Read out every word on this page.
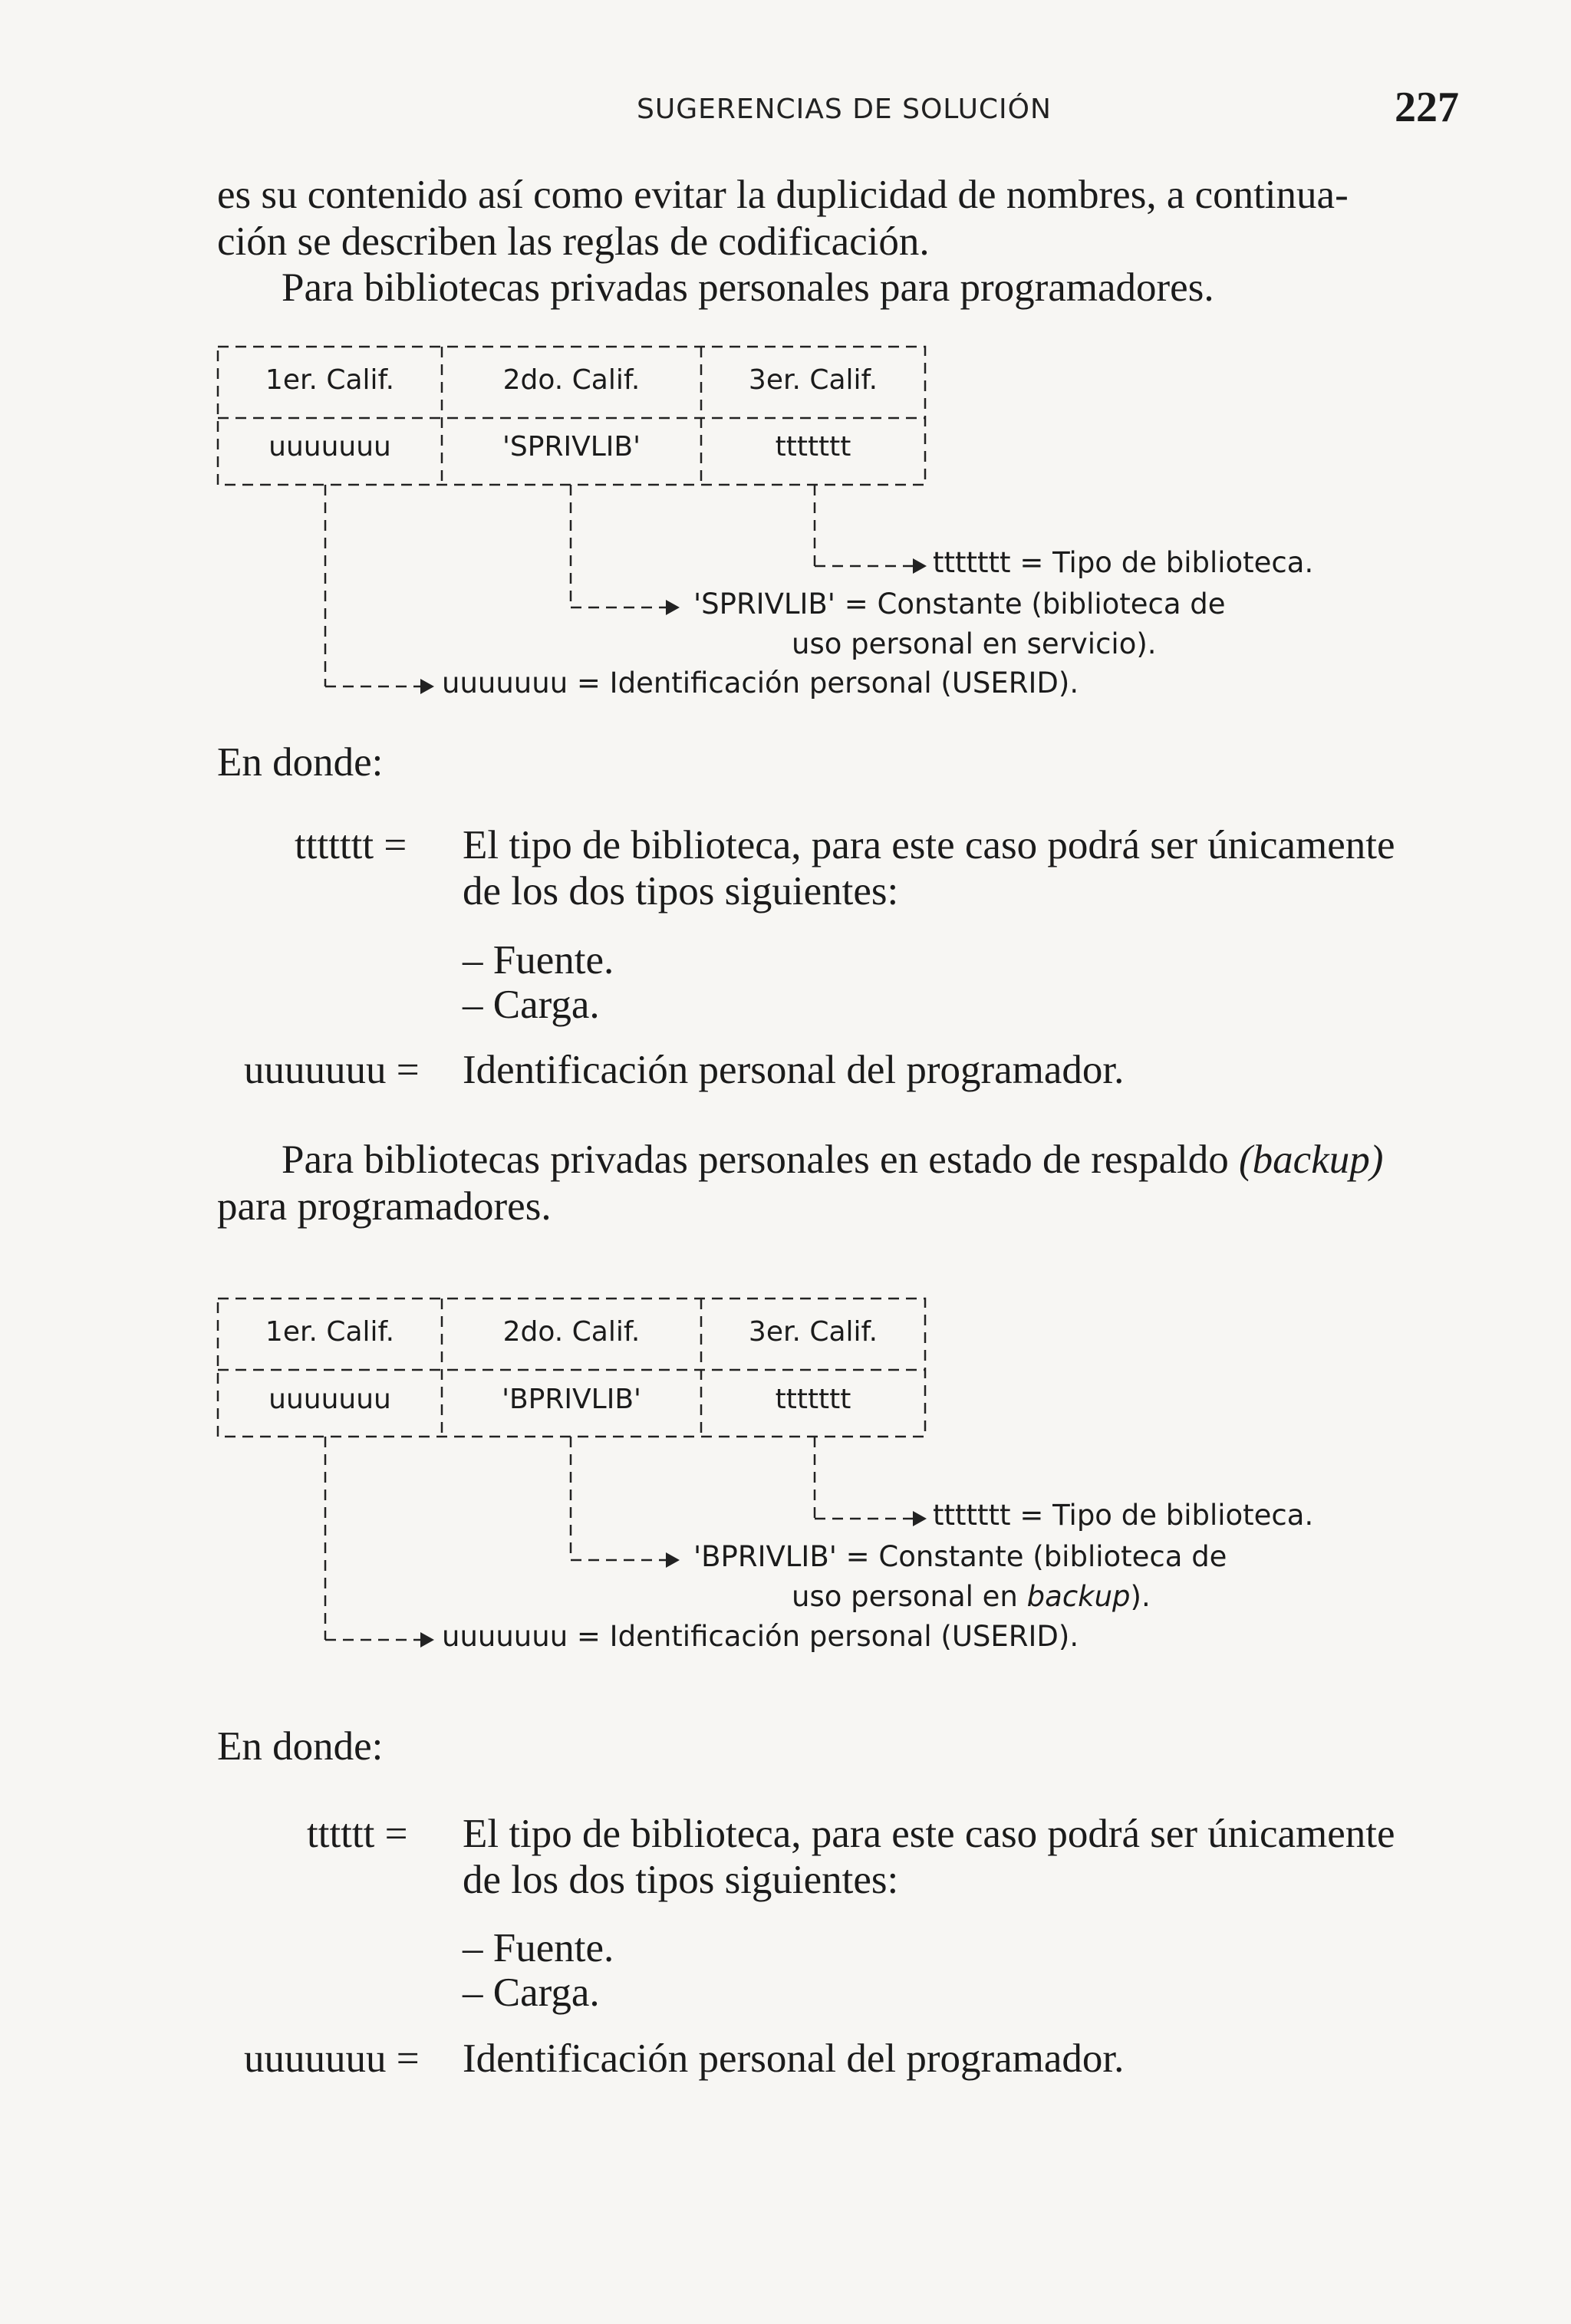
SUGERENCIAS DE SOLUCIÓN	227
es su contenido así como evitar la duplicidad de nombres, a continua-
ción se describen las reglas de codificación.
Para bibliotecas privadas personales para programadores.
1er. Calif.	2do. Calif.	3er. Calif.
uuuuuuu	'SPRIVLIB'	ttttttt
ttttttt = Tipo de biblioteca.
'SPRIVLIB' = Constante (biblioteca de
uso personal en servicio).
uuuuuuu = Identificación personal (USERID).
En donde:
ttttttt = El tipo de biblioteca, para este caso podrá ser únicamente
de los dos tipos siguientes:
– Fuente.
– Carga.
uuuuuuu = Identificación personal del programador.
Para bibliotecas privadas personales en estado de respaldo (backup)
para programadores.
1er. Calif.	2do. Calif.	3er. Calif.
uuuuuuu	'BPRIVLIB'	ttttttt
ttttttt = Tipo de biblioteca.
'BPRIVLIB' = Constante (biblioteca de
uso personal en backup).
uuuuuuu = Identificación personal (USERID).
En donde:
tttttt = El tipo de biblioteca, para este caso podrá ser únicamente
de los dos tipos siguientes:
– Fuente.
– Carga.
uuuuuuu = Identificación personal del programador.
